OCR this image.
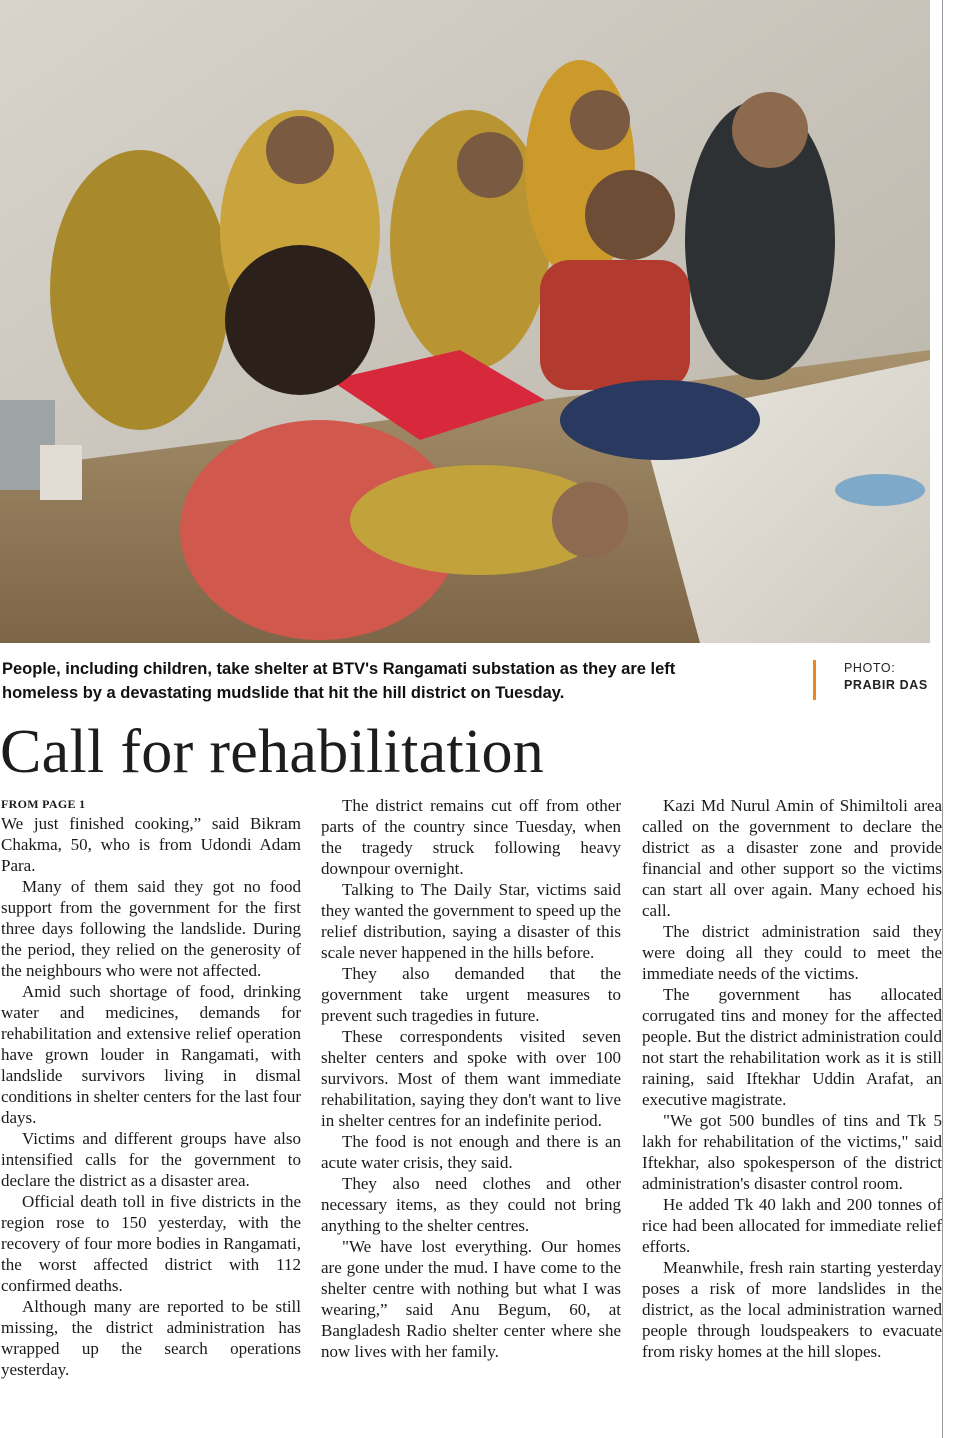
People, including children, take shelter at BTV's Rangamati substation as they are left homeless by a devastating mudslide that hit the hill district on Tuesday.
PHOTO:
PRABIR DAS
Call for rehabilitation

FROM PAGE 1

We just finished cooking,” said Bikram Chakma, 50, who is from Udondi Adam Para.

Many of them said they got no food support from the government for the first three days following the landslide. During the period, they relied on the generosity of the neighbours who were not affected.

Amid such shortage of food, drinking water and medicines, demands for rehabilitation and extensive relief operation have grown louder in Rangamati, with landslide survivors living in dismal conditions in shelter centers for the last four days.

Victims and different groups have also intensified calls for the government to declare the district as a disaster area.

Official death toll in five districts in the region rose to 150 yesterday, with the recovery of four more bodies in Rangamati, the worst affected district with 112 confirmed deaths.

Although many are reported to be still missing, the district administration has wrapped up the search operations yesterday.

The district remains cut off from other parts of the country since Tuesday, when the tragedy struck following heavy downpour overnight.

Talking to The Daily Star, victims said they wanted the government to speed up the relief distribution, saying a disaster of this scale never happened in the hills before.

They also demanded that the government take urgent measures to prevent such tragedies in future.

These correspondents visited seven shelter centers and spoke with over 100 survivors. Most of them want immediate rehabilitation, saying they don't want to live in shelter centres for an indefinite period.

The food is not enough and there is an acute water crisis, they said.

They also need clothes and other necessary items, as they could not bring anything to the shelter centres.

"We have lost everything. Our homes are gone under the mud. I have come to the shelter centre with nothing but what I was wearing,” said Anu Begum, 60, at Bangladesh Radio shelter center where she now lives with her family.

Kazi Md Nurul Amin of Shimiltoli area called on the government to declare the district as a disaster zone and provide financial and other support so the victims can start all over again. Many echoed his call.

The district administration said they were doing all they could to meet the immediate needs of the victims.

The government has allocated corrugated tins and money for the affected people. But the district administration could not start the rehabilitation work as it is still raining, said Iftekhar Uddin Arafat, an executive magistrate.

"We got 500 bundles of tins and Tk 5 lakh for rehabilitation of the victims," said Iftekhar, also spokesperson of the district administration's disaster control room.

He added Tk 40 lakh and 200 tonnes of rice had been allocated for immediate relief efforts.

Meanwhile, fresh rain starting yesterday poses a risk of more landslides in the district, as the local administration warned people through loudspeakers to evacuate from risky homes at the hill slopes.
